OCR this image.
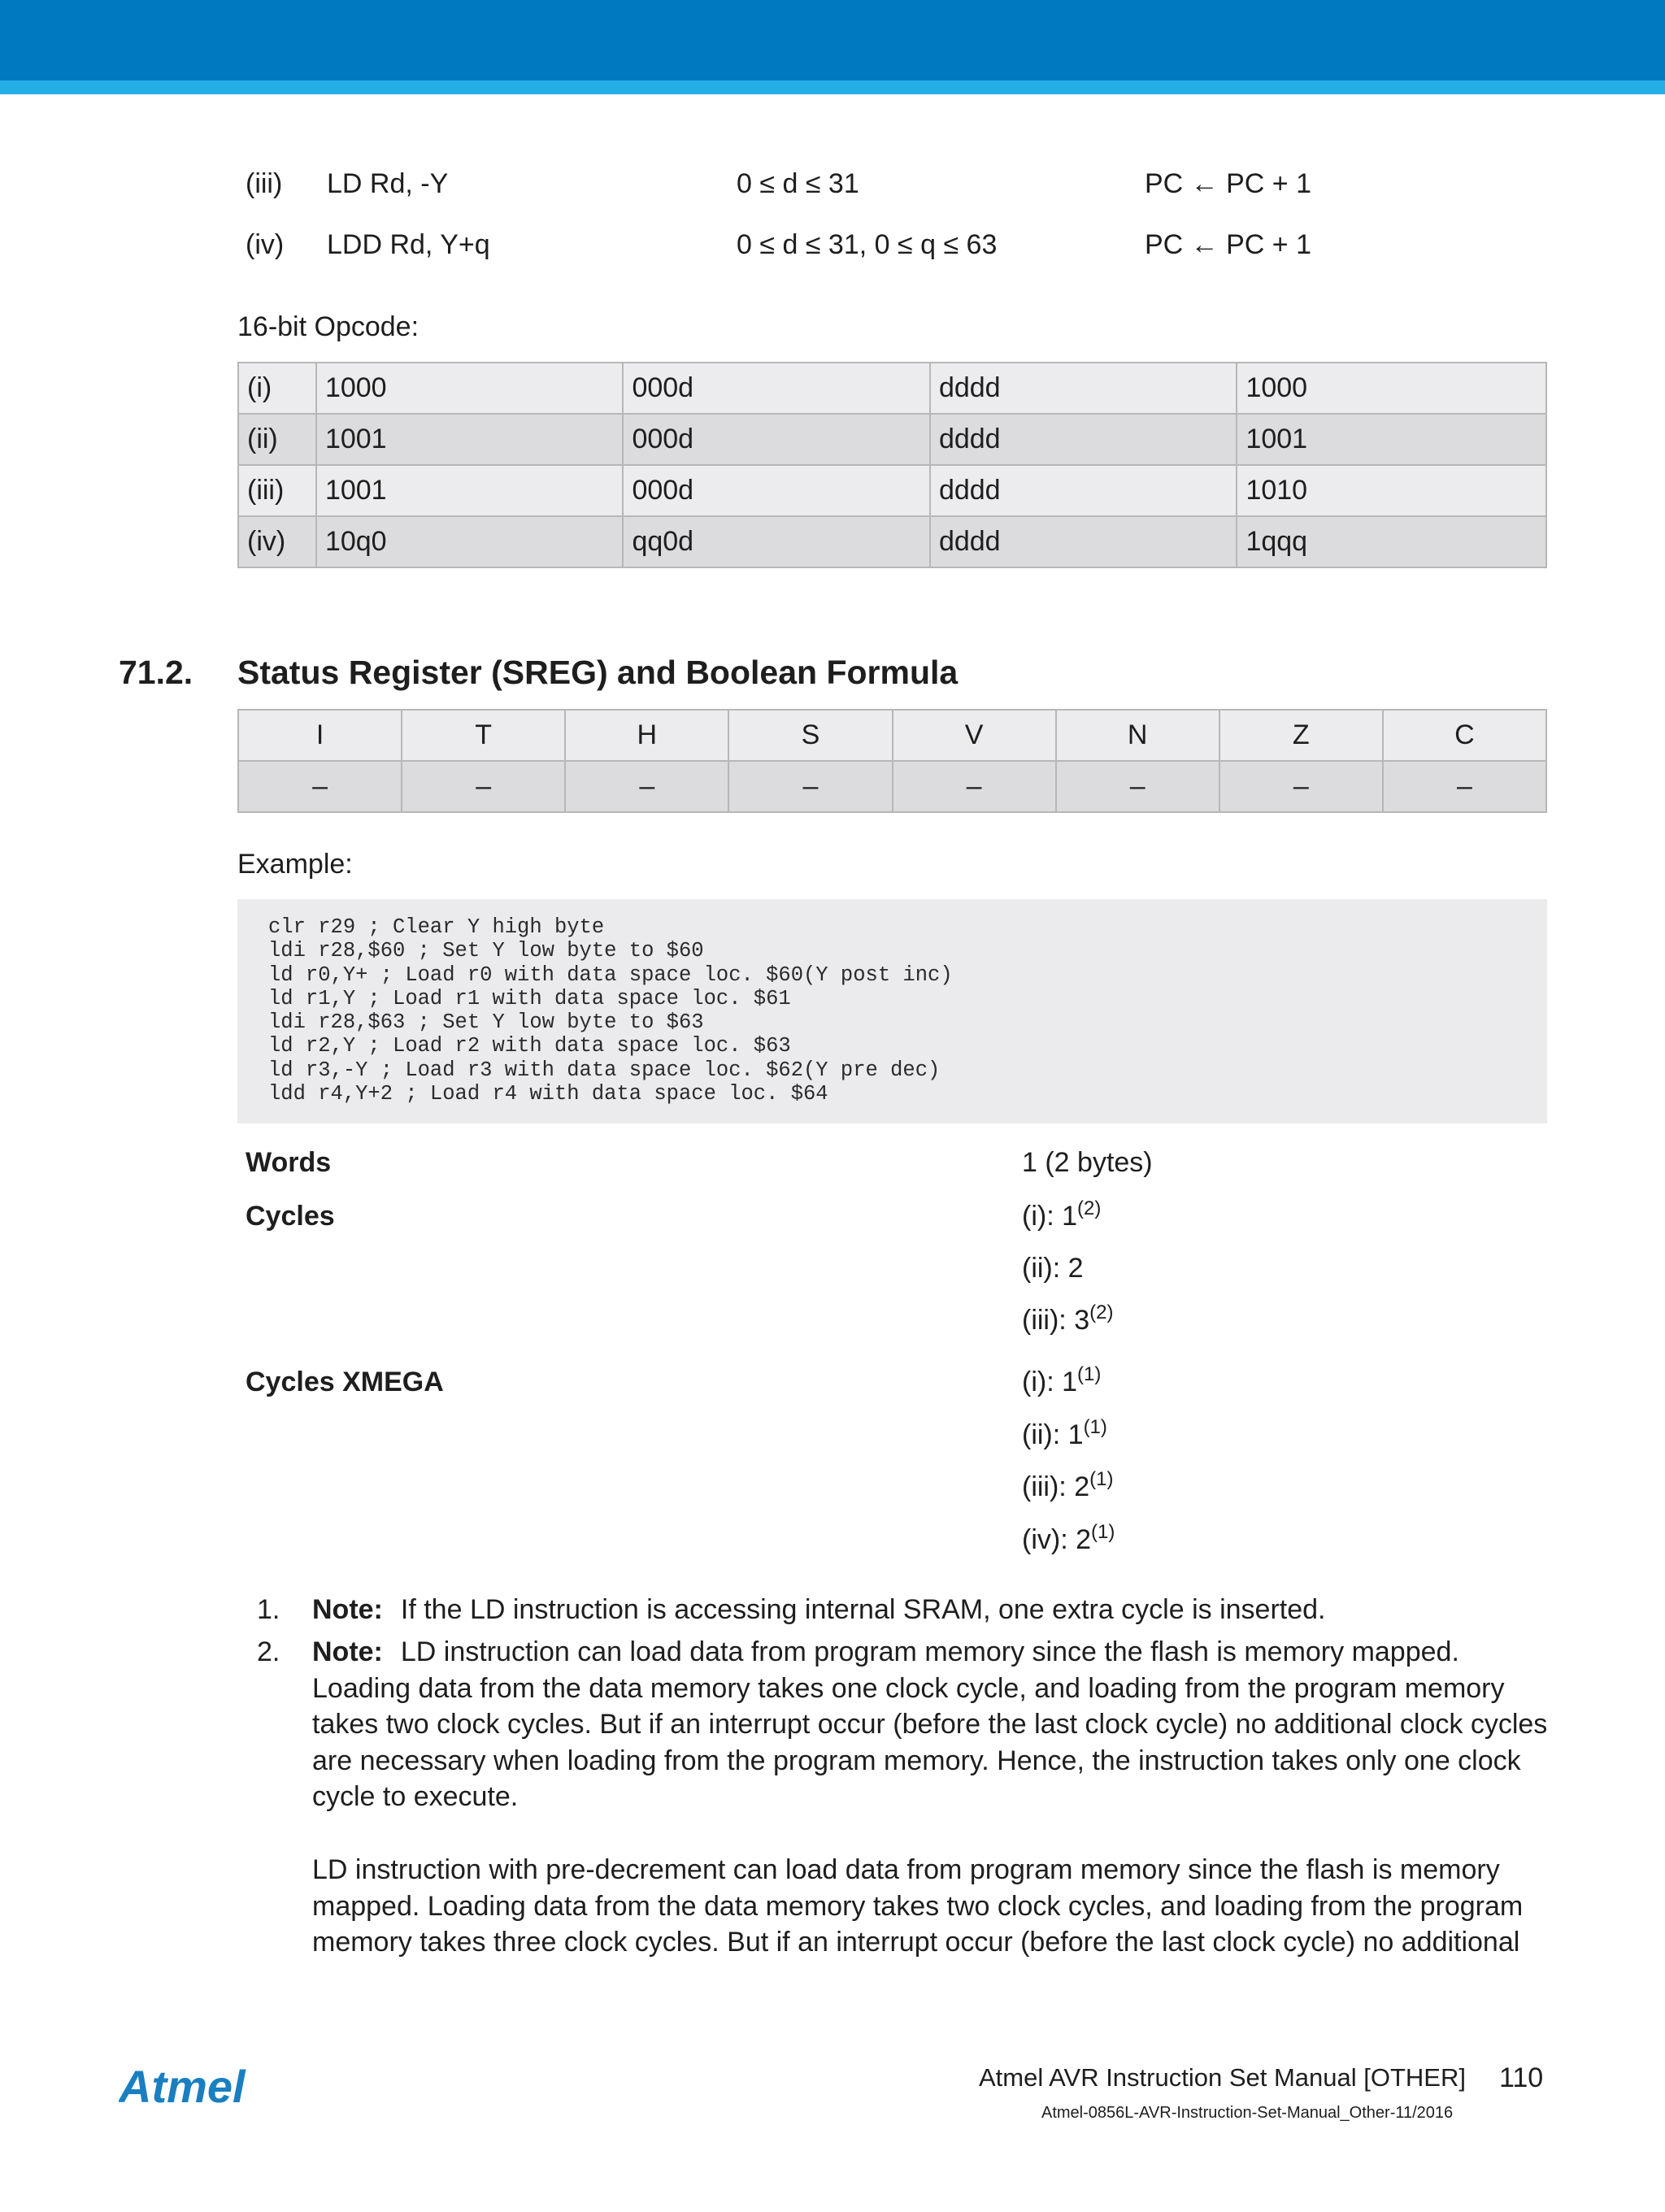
(iii) LD Rd, -Y	0 ≤ d ≤ 31	PC ← PC + 1
(iv) LDD Rd, Y+q	0 ≤ d ≤ 31, 0 ≤ q ≤ 63	PC ← PC + 1
16-bit Opcode:
(i)	1000	000d	dddd	1000
(ii)	1001	000d	dddd	1001
(iii)	1001	000d	dddd	1010
(iv)	10q0	qq0d	dddd	1qqq
71.2. Status Register (SREG) and Boolean Formula
I	T	H	S	V	N	Z	C
–	–	–	–	–	–	–	–
Example:
clr r29 ; Clear Y high byte
ldi r28,$60 ; Set Y low byte to $60
ld r0,Y+ ; Load r0 with data space loc. $60(Y post inc)
ld r1,Y ; Load r1 with data space loc. $61
ldi r28,$63 ; Set Y low byte to $63
ld r2,Y ; Load r2 with data space loc. $63
ld r3,-Y ; Load r3 with data space loc. $62(Y pre dec)
ldd r4,Y+2 ; Load r4 with data space loc. $64
Words	1 (2 bytes)
Cycles	(i): 1$^{(2)}$
(ii): 2
(iii): 3$^{(2)}$
Cycles XMEGA	(i): 1$^{(1)}$
(ii): 1$^{(1)}$
(iii): 2$^{(1)}$
(iv): 2$^{(1)}$
1. Note: If the LD instruction is accessing internal SRAM, one extra cycle is inserted.

2. Note: LD instruction can load data from program memory since the flash is memory mapped. Loading data from the data memory takes one clock cycle, and loading from the program memory takes two clock cycles. But if an interrupt occur (before the last clock cycle) no additional clock cycles are necessary when loading from the program memory. Hence, the instruction takes only one clock cycle to execute.

LD instruction with pre-decrement can load data from program memory since the flash is memory mapped. Loading data from the data memory takes two clock cycles, and loading from the program memory takes three clock cycles. But if an interrupt occur (before the last clock cycle) no additional

Atmel	Atmel AVR Instruction Set Manual [OTHER] 110
Atmel-0856L-AVR-Instruction-Set-Manual_Other-11/2016
